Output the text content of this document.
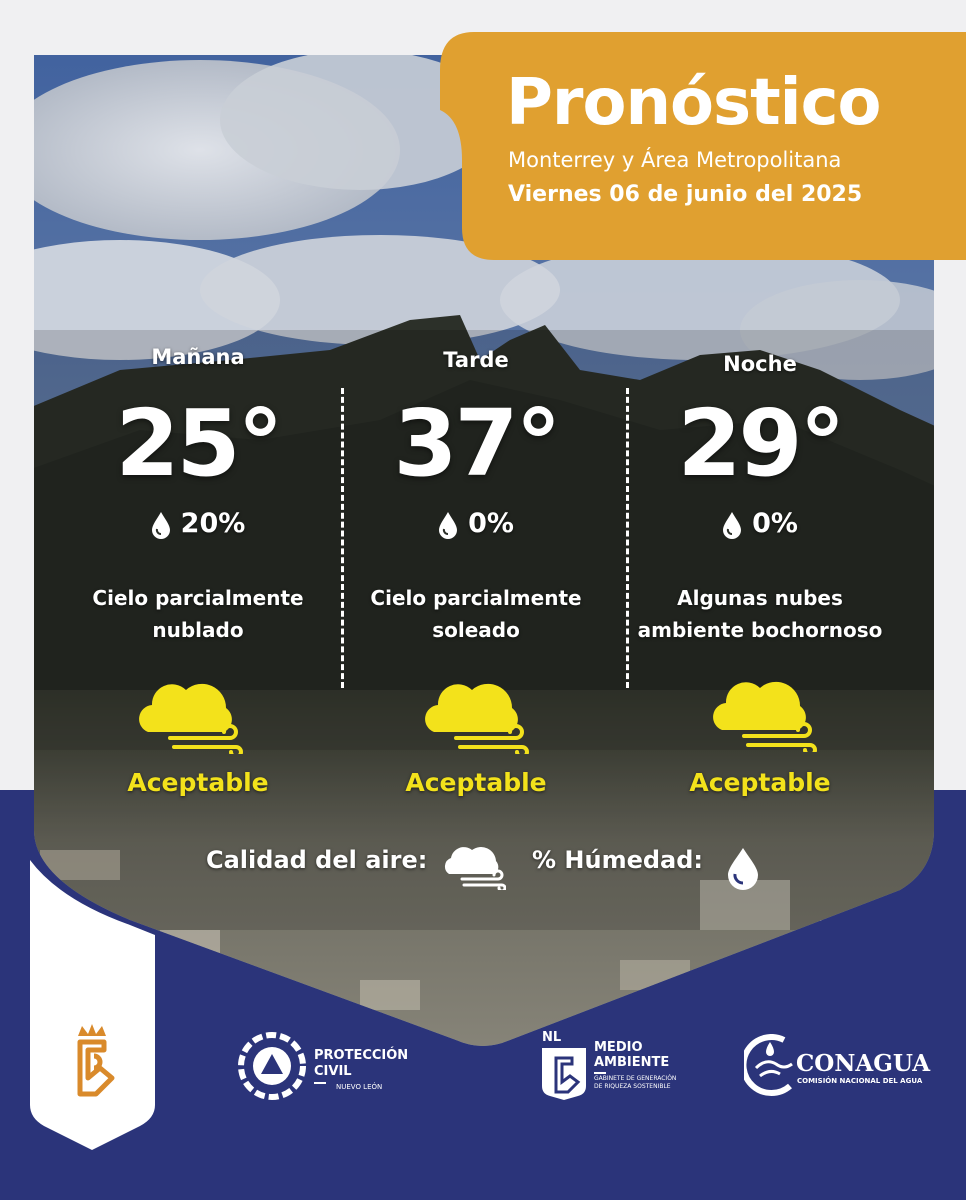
Pronóstico
Monterrey y Área Metropolitana
Viernes 06 de junio del 2025
Mañana
25°
20%
Cielo parcialmente
nublado
Aceptable
Tarde
37°
0%
Cielo parcialmente
soleado
Aceptable
Noche
29°
0%
Algunas nubes
ambiente bochornoso
Aceptable
Calidad del aire:	% Húmedad:
PROTECCIÓN
CIVIL
NUEVO LEÓN
NL
MEDIO
AMBIENTE
GABINETE DE GENERACIÓN
DE RIQUEZA SOSTENIBLE
CONAGUA
COMISIÓN NACIONAL DEL AGUA
